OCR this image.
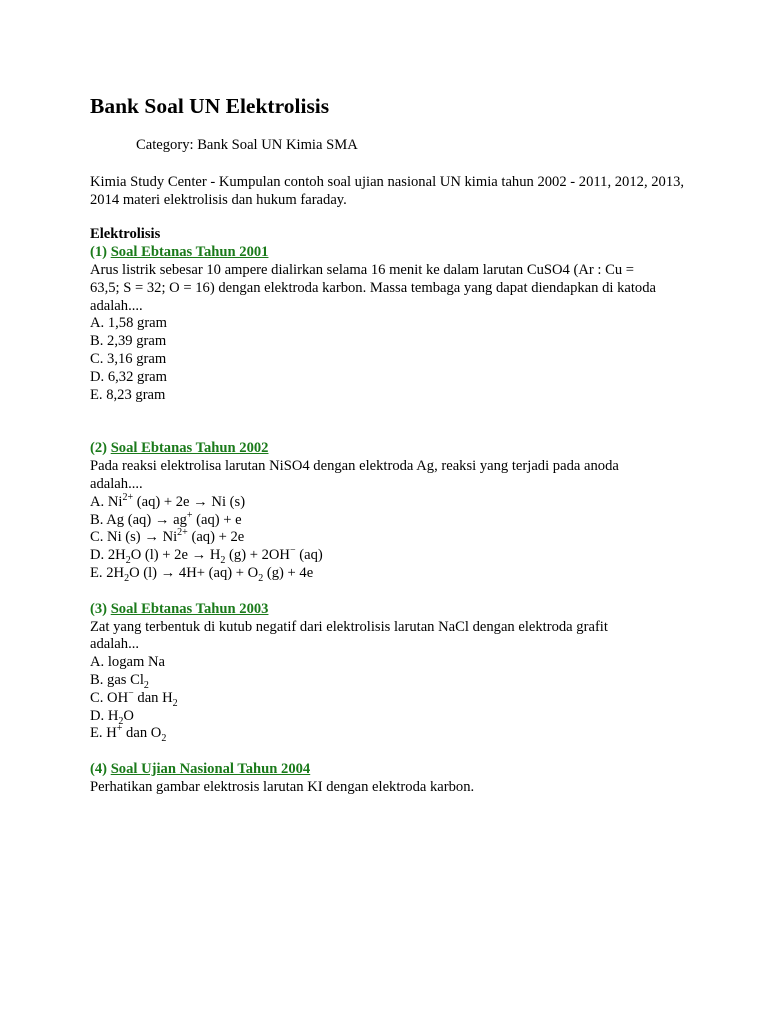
Bank Soal UN Elektrolisis
Category: Bank Soal UN Kimia SMA
Kimia Study Center - Kumpulan contoh soal ujian nasional UN kimia tahun 2002 - 2011, 2012, 2013, 2014 materi elektrolisis dan hukum faraday.
Elektrolisis
(1) Soal Ebtanas Tahun 2001
Arus listrik sebesar 10 ampere dialirkan selama 16 menit ke dalam larutan CuSO4 (Ar : Cu =
63,5; S = 32; O = 16) dengan elektroda karbon. Massa tembaga yang dapat diendapkan di katoda
adalah....
A. 1,58 gram
B. 2,39 gram
C. 3,16 gram
D. 6,32 gram
E. 8,23 gram
(2) Soal Ebtanas Tahun 2002
Pada reaksi elektrolisa larutan NiSO4 dengan elektroda Ag, reaksi yang terjadi pada anoda
adalah....
A. $Ni^{2+}$ (aq) + 2e → Ni (s)
B. Ag (aq) → ag+ (aq) + e
C. Ni $(s) \to Ni^{2+}$ (aq) + 2e
D. $2H_2O$ $(l) + 2e \to H_2$ (g) + 2OH− (aq)
E. $2H_2O$ $(l) \to 4H+ (aq) + O_2$ (g) + 4e
(3) Soal Ebtanas Tahun 2003
Zat yang terbentuk di kutub negatif dari elektrolisis larutan NaCl dengan elektroda grafit
adalah...
A. logam Na
B. gas $Cl_2$
C. OH− dan $H_2$
D. $H_2O$
E. H+ dan $O_2$
(4) Soal Ujian Nasional Tahun 2004
Perhatikan gambar elektrosis larutan KI dengan elektroda karbon.
